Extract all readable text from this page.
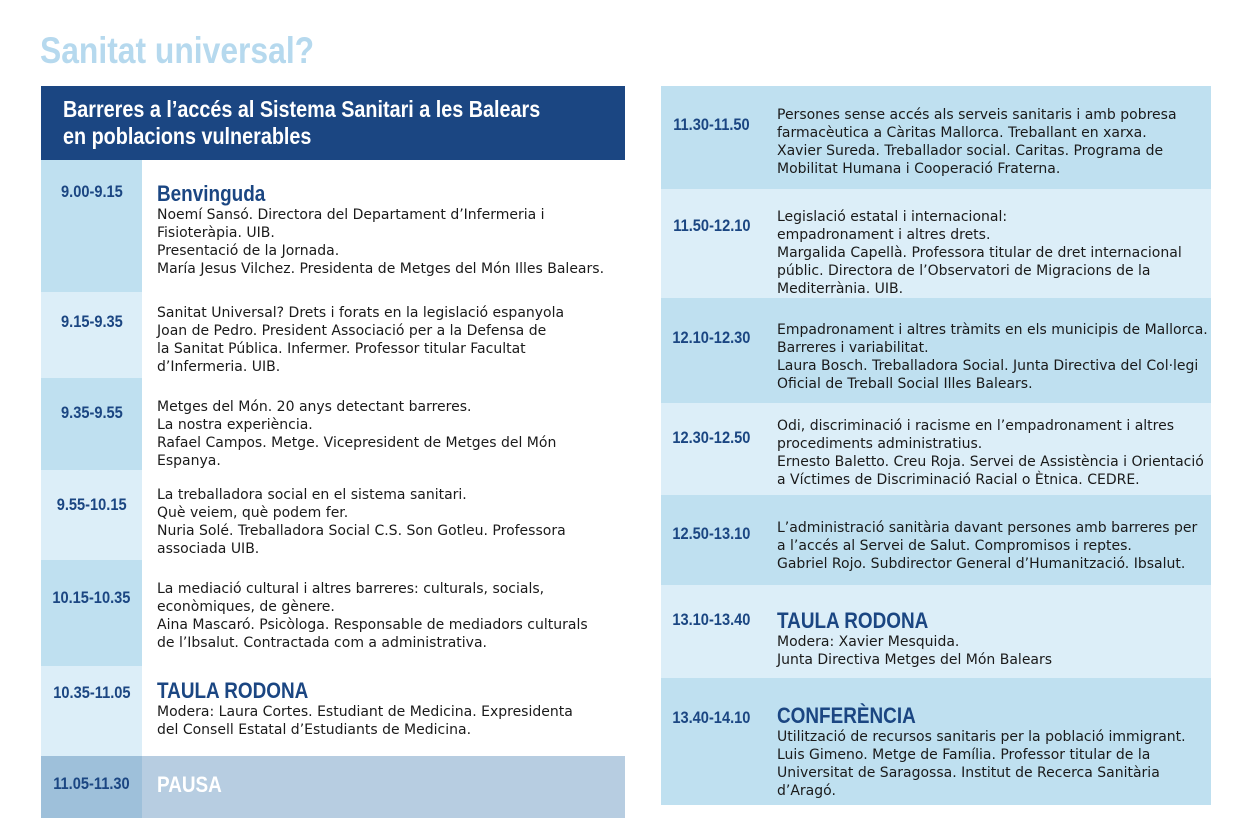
Sanitat universal?
Barreres a l’accés al Sistema Sanitari a les Balears
en poblacions vulnerables
9.00-9.15 Benvinguda
Noemí Sansó. Directora del Departament d’Infermeria i
Fisioteràpia. UIB.
Presentació de la Jornada.
María Jesus Vilchez. Presidenta de Metges del Món Illes Balears.
9.15-9.35 Sanitat Universal? Drets i forats en la legislació espanyola
Joan de Pedro. President Associació per a la Defensa de
la Sanitat Pública. Infermer. Professor titular Facultat
d’Infermeria. UIB.
9.35-9.55 Metges del Món. 20 anys detectant barreres.
La nostra experiència.
Rafael Campos. Metge. Vicepresident de Metges del Món
Espanya.
9.55-10.15 La treballadora social en el sistema sanitari.
Què veiem, què podem fer.
Nuria Solé. Treballadora Social C.S. Son Gotleu. Professora
associada UIB.
10.15-10.35 La mediació cultural i altres barreres: culturals, socials,
econòmiques, de gènere.
Aina Mascaró. Psicòloga. Responsable de mediadors culturals
de l’Ibsalut. Contractada com a administrativa.
10.35-11.05 TAULA RODONA
Modera: Laura Cortes. Estudiant de Medicina. Expresidenta
del Consell Estatal d’Estudiants de Medicina.
11.05-11.30	PAUSA
11.30-11.50 Persones sense accés als serveis sanitaris i amb pobresa
farmacèutica a Càritas Mallorca. Treballant en xarxa.
Xavier Sureda. Treballador social. Caritas. Programa de
Mobilitat Humana i Cooperació Fraterna.
11.50-12.10 Legislació estatal i internacional:
empadronament i altres drets.
Margalida Capellà. Professora titular de dret internacional
públic. Directora de l’Observatori de Migracions de la
Mediterrània. UIB.
12.10-12.30 Empadronament i altres tràmits en els municipis de Mallorca.
Barreres i variabilitat.
Laura Bosch. Treballadora Social. Junta Directiva del Col·legi
Oficial de Treball Social Illes Balears.
12.30-12.50
Odi, discriminació i racisme en l’empadronament i altres
procediments administratius.
Ernesto Baletto. Creu Roja. Servei de Assistència i Orientació
a Víctimes de Discriminació Racial o Ètnica. CEDRE.
12.50-13.10 L’administració sanitària davant persones amb barreres per
a l’accés al Servei de Salut. Compromisos i reptes.
Gabriel Rojo. Subdirector General d’Humanització. Ibsalut.
13.10-13.40 TAULA RODONA
Modera: Xavier Mesquida.
Junta Directiva Metges del Món Balears
13.40-14.10 CONFERÈNCIA
Utilització de recursos sanitaris per la població immigrant.
Luis Gimeno. Metge de Família. Professor titular de la
Universitat de Saragossa. Institut de Recerca Sanitària
d’Aragó.
